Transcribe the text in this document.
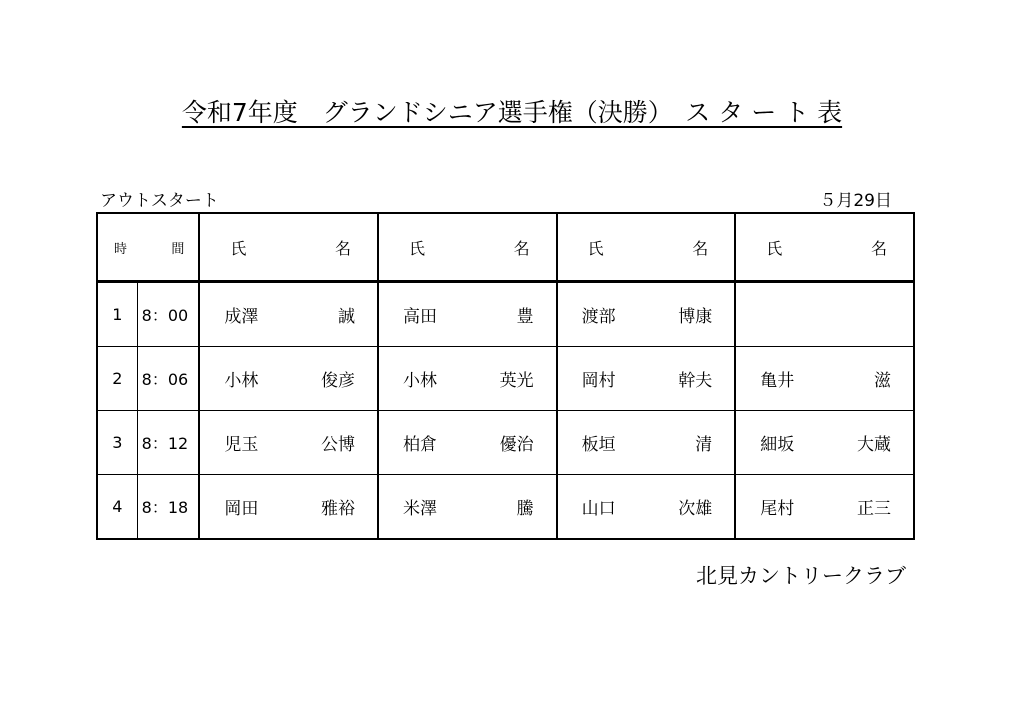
令和7年度　グランドシニア選手権（決勝）　ス タ ー ト 表
アウトスタート	５月29日
時 間		氏 名	氏 名	氏 名	氏 名

1	8：00	成澤 誠	高田 豊	渡部 博康	

2	8：06	小林 俊彦	小林 英光	岡村 幹夫	亀井 滋

3	8：12	児玉 公博	柏倉 優治	板垣 清	細坂 大蔵

4	8：18	岡田 雅裕	米澤 騰	山口 次雄	尾村 正三
北見カントリークラブ
